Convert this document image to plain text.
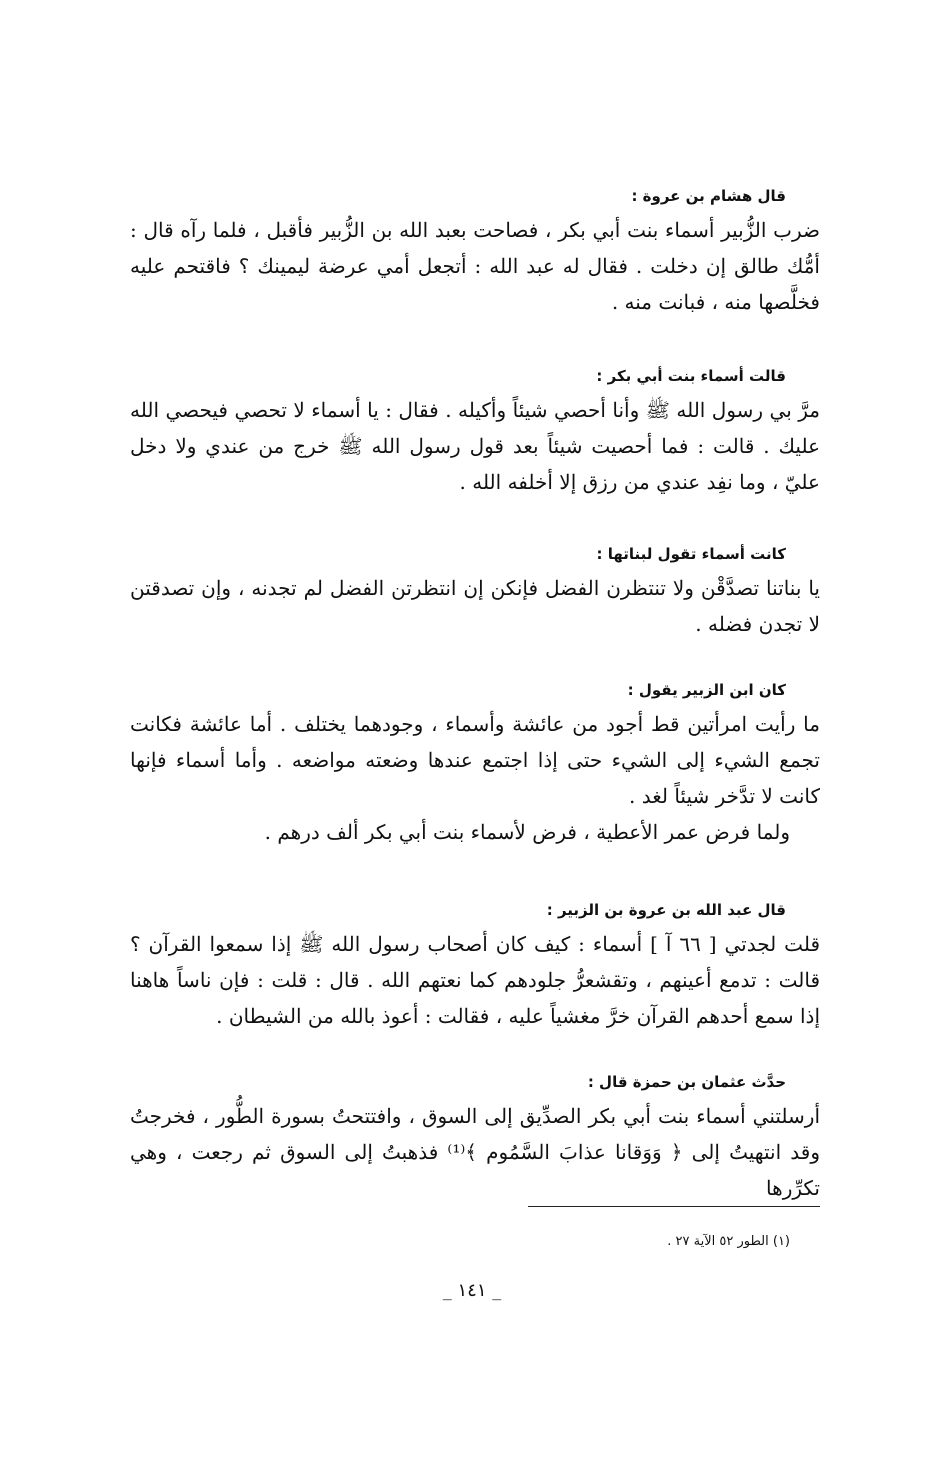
قال هشام بن عروة :

ضرب الزُّبير أسماء بنت أبي بكر ، فصاحت بعبد الله بن الزُّبير فأقبل ، فلما رآه قال : أمُّك طالق إن دخلت . فقال له عبد الله : أتجعل أمي عرضة ليمينك ؟ فاقتحم عليه فخلَّصها منه ، فبانت منه .

قالت أسماء بنت أبي بكر :

مرَّ بي رسول الله ﷺ وأنا أحصي شيئاً وأكيله . فقال : يا أسماء لا تحصي فيحصي الله عليك . قالت : فما أحصيت شيئاً بعد قول رسول الله ﷺ خرج من عندي ولا دخل عليّ ، وما نفِد عندي من رزق إلا أخلفه الله .

كانت أسماء تقول لبناتها :

يا بناتنا تصدَّقْن ولا تنتظرن الفضل فإنكن إن انتظرتن الفضل لم تجدنه ، وإن تصدقتن لا تجدن فضله .

كان ابن الزبير يقول :

ما رأيت امرأتين قط أجود من عائشة وأسماء ، وجودهما يختلف . أما عائشة فكانت تجمع الشيء إلى الشيء حتى إذا اجتمع عندها وضعته مواضعه . وأما أسماء فإنها كانت لا تدَّخر شيئاً لغد .

ولما فرض عمر الأعطية ، فرض لأسماء بنت أبي بكر ألف درهم .

قال عبد الله بن عروة بن الزبير :

قلت لجدتي [ ٦٦ آ ] أسماء : كيف كان أصحاب رسول الله ﷺ إذا سمعوا القرآن ؟ قالت : تدمع أعينهم ، وتقشعرُّ جلودهم كما نعتهم الله . قال : قلت : فإن ناساً هاهنا إذا سمع أحدهم القرآن خرَّ مغشياً عليه ، فقالت : أعوذ بالله من الشيطان .

حدَّث عثمان بن حمزة قال :

أرسلتني أسماء بنت أبي بكر الصدِّيق إلى السوق ، وافتتحتُ بسورة الطُّور ، فخرجتُ وقد انتهيتُ إلى ﴿ وَوَقانا عذابَ السَّمُوم ﴾⁽¹⁾ فذهبتُ إلى السوق ثم رجعت ، وهي تكرِّرها

(١) الطور ٥٢ الآية ٢٧ .
_ ١٤١ _
